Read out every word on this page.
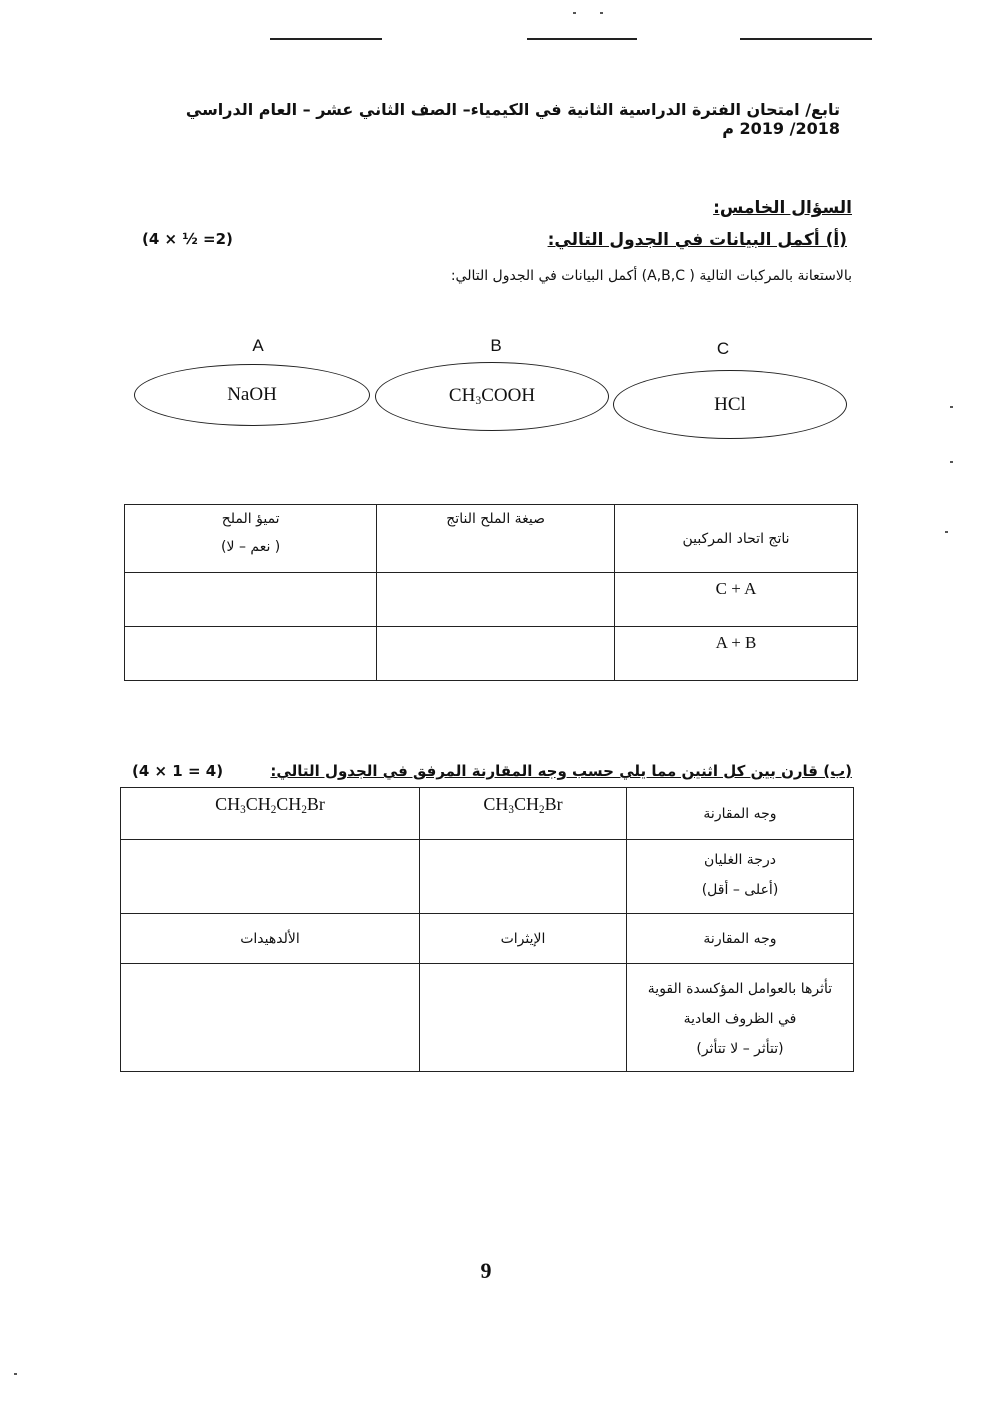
تابع/ امتحان الفترة الدراسية الثانية في الكيمياء– الصف الثاني عشر – العام الدراسي 2018/ 2019 م
السؤال الخامس:
(أ) أكمل البيانات في الجدول التالي:
(4 × ½ =2)
بالاستعانة بالمركبات التالية ( A,B,C) أكمل البيانات في الجدول التالي:
A	B	C
NaOH	$CH_3COOH$	HCl
تميؤ الملح
( نعم – لا)	صيغة الملح الناتج	ناتج اتحاد المركبين
		C + A
		A + B
(ب) قارن بين كل اثنين مما يلي حسب وجه المقارنة المرفق في الجدول التالي:
(4 × 1 = 4)
$CH_3CH_2CH_2Br$	$CH_3CH_2Br$	وجه المقارنة

		درجة الغليان
(أعلى – أقل)
الألدهيدات	الإيثرات	وجه المقارنة

		تأثرها بالعوامل المؤكسدة القوية
في الظروف العادية
(تتأثر – لا تتأثر)
9
